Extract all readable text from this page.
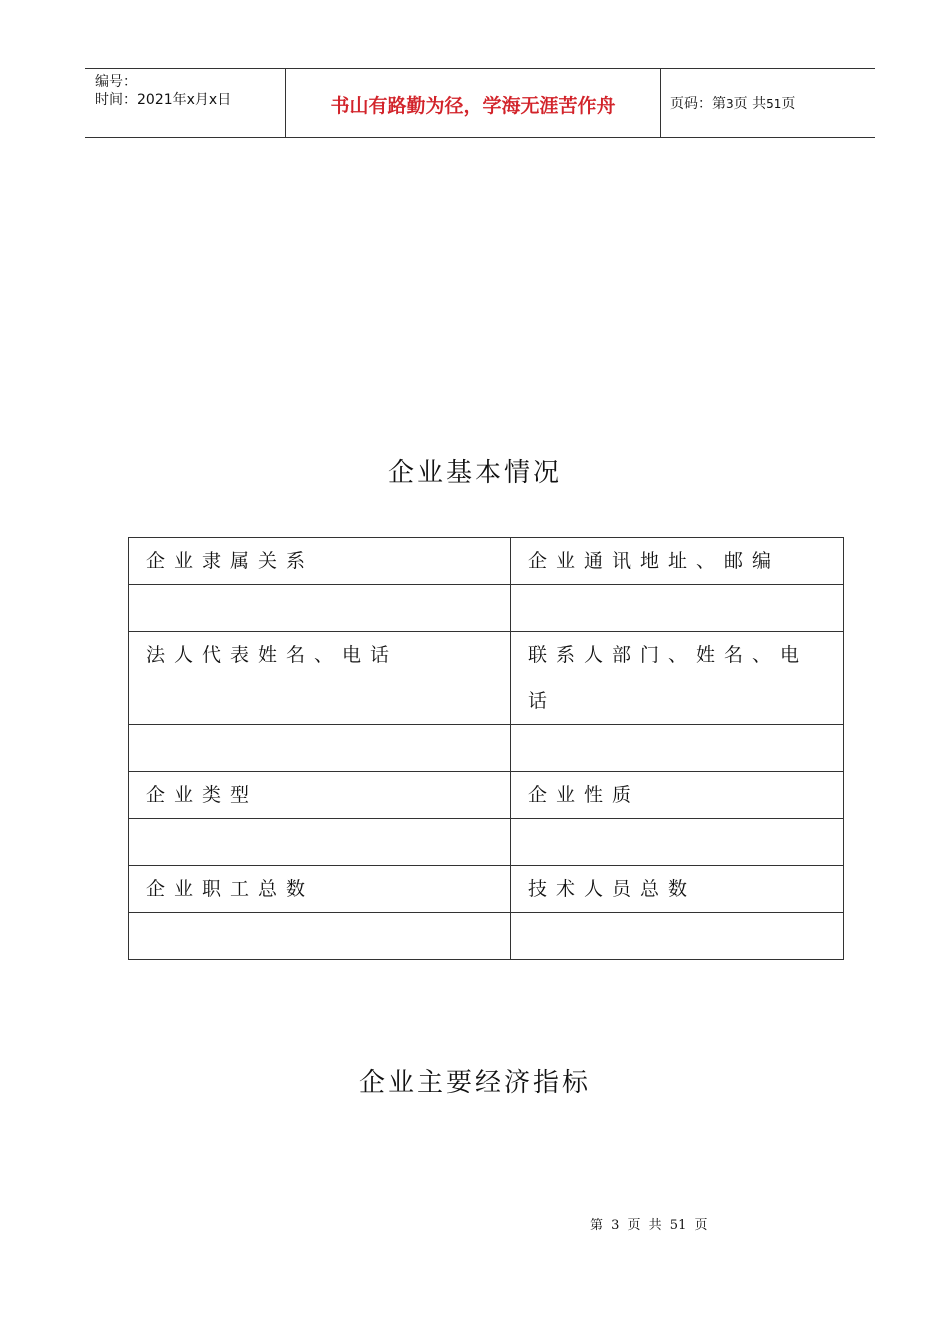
编号：
时间：2021年x月x日	书山有路勤为径，学海无涯苦作舟	页码：第3页 共51页
企业基本情况
企业隶属关系	企业通讯地址、邮编

法人代表姓名、电话	联系人部门、姓名、电话

企业类型	企业性质

企业职工总数	技术人员总数

企业主要经济指标
第 3 页 共 51 页
